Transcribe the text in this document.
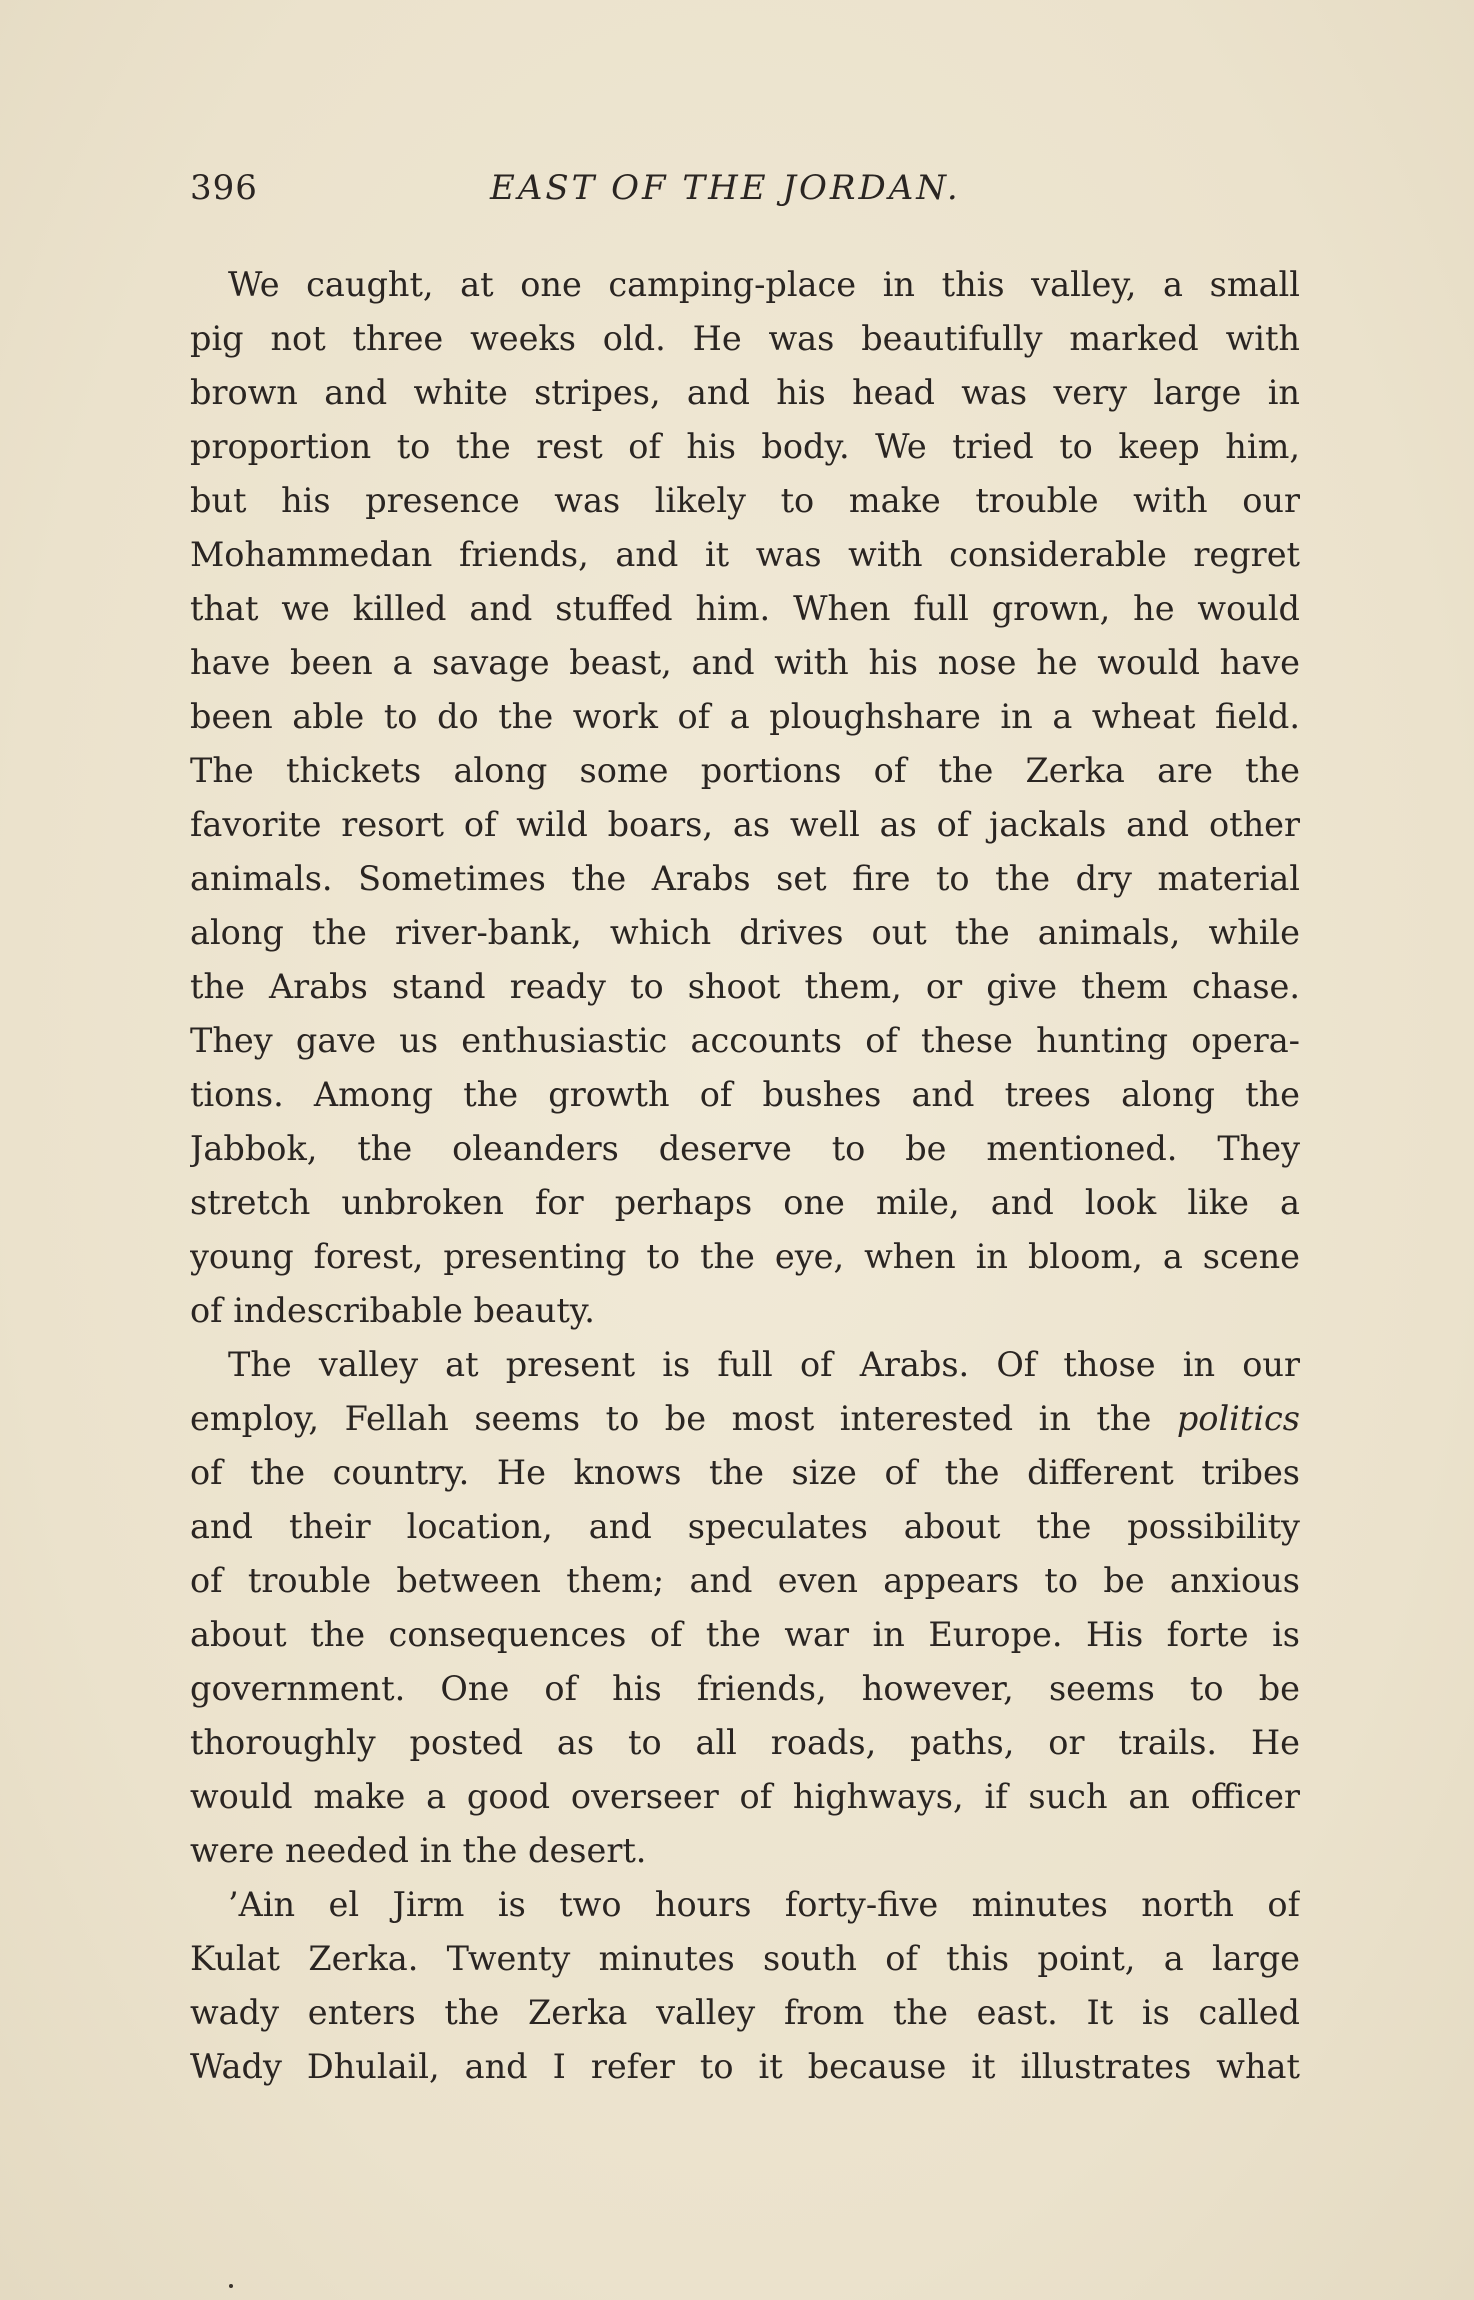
396	EAST OF THE JORDAN.
We caught, at one camping-place in this valley, a small
pig not three weeks old. He was beautifully marked with
brown and white stripes, and his head was very large in
proportion to the rest of his body. We tried to keep him,
but his presence was likely to make trouble with our
Mohammedan friends, and it was with considerable regret
that we killed and stuffed him. When full grown, he would
have been a savage beast, and with his nose he would have
been able to do the work of a ploughshare in a wheat field.
The thickets along some portions of the Zerka are the
favorite resort of wild boars, as well as of jackals and other
animals. Sometimes the Arabs set fire to the dry material
along the river-bank, which drives out the animals, while
the Arabs stand ready to shoot them, or give them chase.
They gave us enthusiastic accounts of these hunting opera-
tions. Among the growth of bushes and trees along the
Jabbok, the oleanders deserve to be mentioned. They
stretch unbroken for perhaps one mile, and look like a
young forest, presenting to the eye, when in bloom, a scene
of indescribable beauty.
The valley at present is full of Arabs. Of those in our
employ, Fellah seems to be most interested in the politics
of the country. He knows the size of the different tribes
and their location, and speculates about the possibility
of trouble between them; and even appears to be anxious
about the consequences of the war in Europe. His forte is
government. One of his friends, however, seems to be
thoroughly posted as to all roads, paths, or trails. He
would make a good overseer of highways, if such an officer
were needed in the desert.
’Ain el Jirm is two hours forty-five minutes north of
Kulat Zerka. Twenty minutes south of this point, a large
wady enters the Zerka valley from the east. It is called
Wady Dhulail, and I refer to it because it illustrates what
